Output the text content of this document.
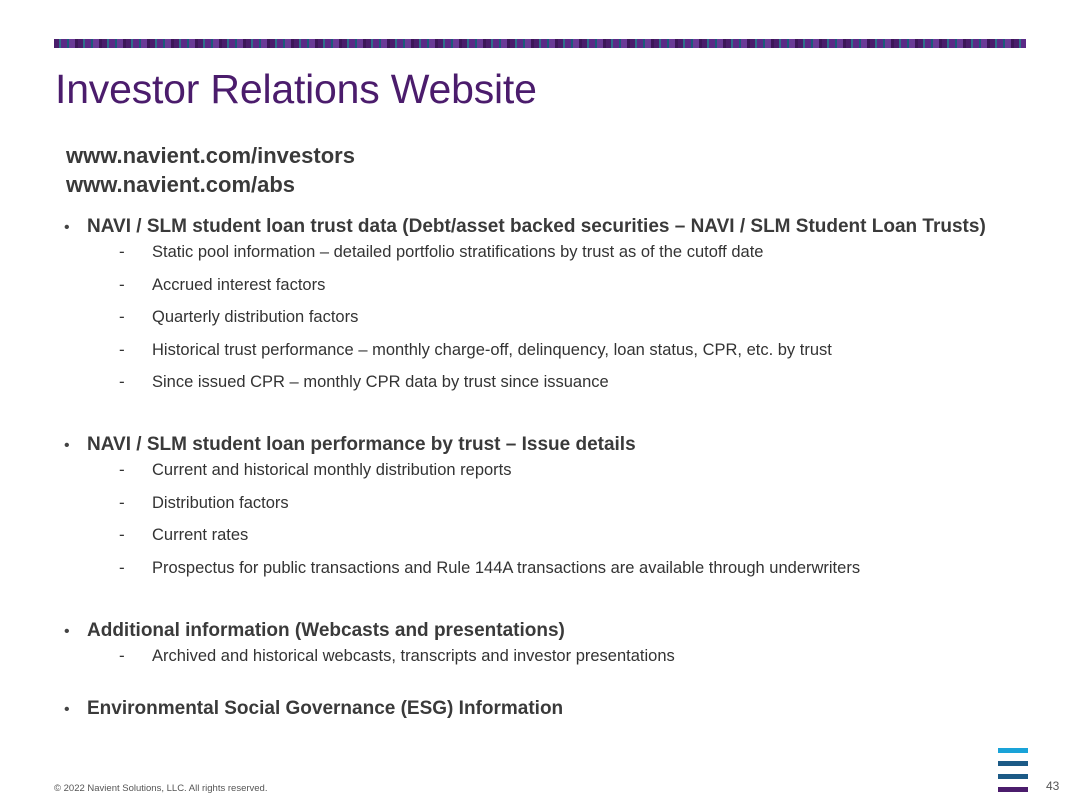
Investor Relations Website
www.navient.com/investors
www.navient.com/abs
• NAVI / SLM student loan trust data (Debt/asset backed securities – NAVI / SLM Student Loan Trusts)
-	Static pool information – detailed portfolio stratifications by trust as of the cutoff date
-	Accrued interest factors
-	Quarterly distribution factors
-	Historical trust performance – monthly charge-off, delinquency, loan status, CPR, etc. by trust
-	Since issued CPR – monthly CPR data by trust since issuance
• NAVI / SLM student loan performance by trust – Issue details
-	Current and historical monthly distribution reports
-	Distribution factors
-	Current rates
-	Prospectus for public transactions and Rule 144A transactions are available through underwriters
• Additional information (Webcasts and presentations)
-	Archived and historical webcasts, transcripts and investor presentations
• Environmental Social Governance (ESG) Information
© 2022 Navient Solutions, LLC. All rights reserved.	43
